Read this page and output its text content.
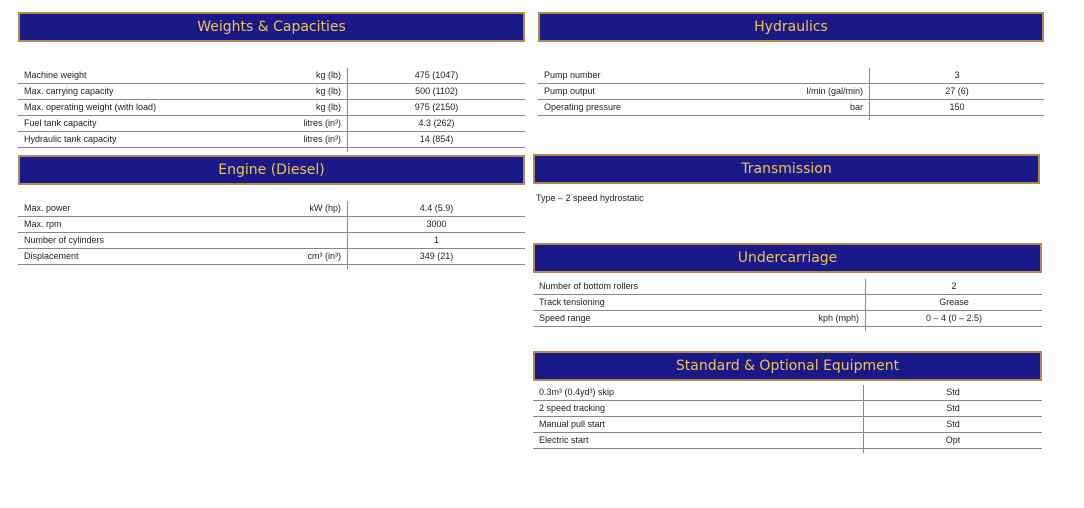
Weights & Capacities
Machine weight	kg (lb)	475 (1047)
Max. carrying capacity	kg (lb)	500 (1102)
Max. operating weight (with load)	kg (lb)	975 (2150)
Fuel tank capacity	litres (in³)	4.3 (262)
Hydraulic tank capacity	litres (in³)	14 (854)

Hydraulics
Pump number		3
Pump output	l/min (gal/min)	27 (6)
Operating pressure	bar	150

Engine (Diesel)
Max. power	kW (hp)	4.4 (5.9)
Max. rpm		3000
Number of cylinders		1
Displacement	cm³ (in³)	349 (21)

Transmission
Type – 2 speed hydrostatic
Undercarriage
Number of bottom rollers		2
Track tensioning		Grease
Speed range	kph (mph)	0 – 4 (0 – 2.5)

Standard & Optional Equipment
0.3m³ (0.4yd³) skip		Std
2 speed tracking		Std
Manual pull start		Std
Electric start		Opt
